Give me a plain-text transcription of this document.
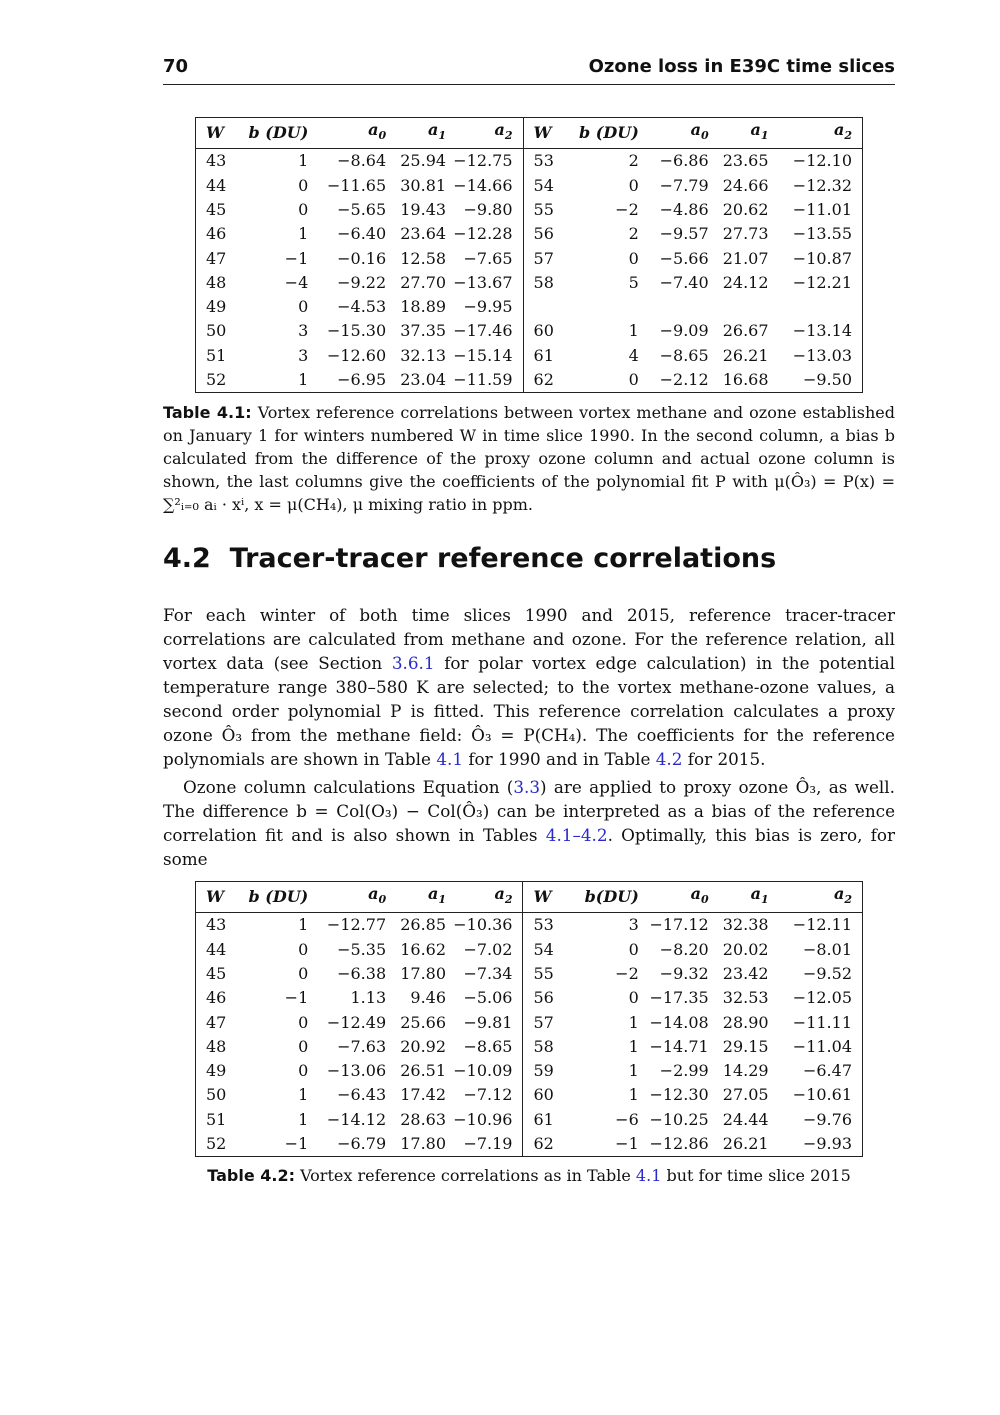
70	Ozone loss in E39C time slices
W	b (DU)	$a_0$	$a_1$	$a_2$	W	b (DU)	$a_0$	$a_1$	$a_2$
43	1	−8.64	25.94	−12.75	53	2	−6.86	23.65	−12.10
44	0	−11.65	30.81	−14.66	54	0	−7.79	24.66	−12.32
45	0	−5.65	19.43	−9.80	55	−2	−4.86	20.62	−11.01
46	1	−6.40	23.64	−12.28	56	2	−9.57	27.73	−13.55
47	−1	−0.16	12.58	−7.65	57	0	−5.66	21.07	−10.87
48	−4	−9.22	27.70	−13.67	58	5	−7.40	24.12	−12.21
49	0	−4.53	18.89	−9.95					
50	3	−15.30	37.35	−17.46	60	1	−9.09	26.67	−13.14
51	3	−12.60	32.13	−15.14	61	4	−8.65	26.21	−13.03
52	1	−6.95	23.04	−11.59	62	0	−2.12	16.68	−9.50
Table 4.1: Vortex reference correlations between vortex methane and ozone established on January 1 for winters numbered W in time slice 1990. In the second column, a bias b calculated from the difference of the proxy ozone column and actual ozone column is shown, the last columns give the coefficients of the polynomial fit P with μ(Ô₃) = P(x) = ∑²ᵢ₌₀ aᵢ · xⁱ, x = μ(CH₄), μ mixing ratio in ppm.
4.2 Tracer-tracer reference correlations

For each winter of both time slices 1990 and 2015, reference tracer-tracer correlations are calculated from methane and ozone. For the reference relation, all vortex data (see Section 3.6.1 for polar vortex edge calculation) in the potential temperature range 380–580 K are selected; to the vortex methane-ozone values, a second order polynomial P is fitted. This reference correlation calculates a proxy ozone Ô₃ from the methane field: Ô₃ = P(CH₄). The coefficients for the reference polynomials are shown in Table 4.1 for 1990 and in Table 4.2 for 2015.

Ozone column calculations Equation (3.3) are applied to proxy ozone Ô₃, as well. The difference b = Col(O₃) − Col(Ô₃) can be interpreted as a bias of the reference correlation fit and is also shown in Tables 4.1–4.2. Optimally, this bias is zero, for some

W	b (DU)	$a_0$	$a_1$	$a_2$	W	b(DU)	$a_0$	$a_1$	$a_2$
43	1	−12.77	26.85	−10.36	53	3	−17.12	32.38	−12.11
44	0	−5.35	16.62	−7.02	54	0	−8.20	20.02	−8.01
45	0	−6.38	17.80	−7.34	55	−2	−9.32	23.42	−9.52
46	−1	1.13	9.46	−5.06	56	0	−17.35	32.53	−12.05
47	0	−12.49	25.66	−9.81	57	1	−14.08	28.90	−11.11
48	0	−7.63	20.92	−8.65	58	1	−14.71	29.15	−11.04
49	0	−13.06	26.51	−10.09	59	1	−2.99	14.29	−6.47
50	1	−6.43	17.42	−7.12	60	1	−12.30	27.05	−10.61
51	1	−14.12	28.63	−10.96	61	−6	−10.25	24.44	−9.76
52	−1	−6.79	17.80	−7.19	62	−1	−12.86	26.21	−9.93
Table 4.2: Vortex reference correlations as in Table 4.1 but for time slice 2015
